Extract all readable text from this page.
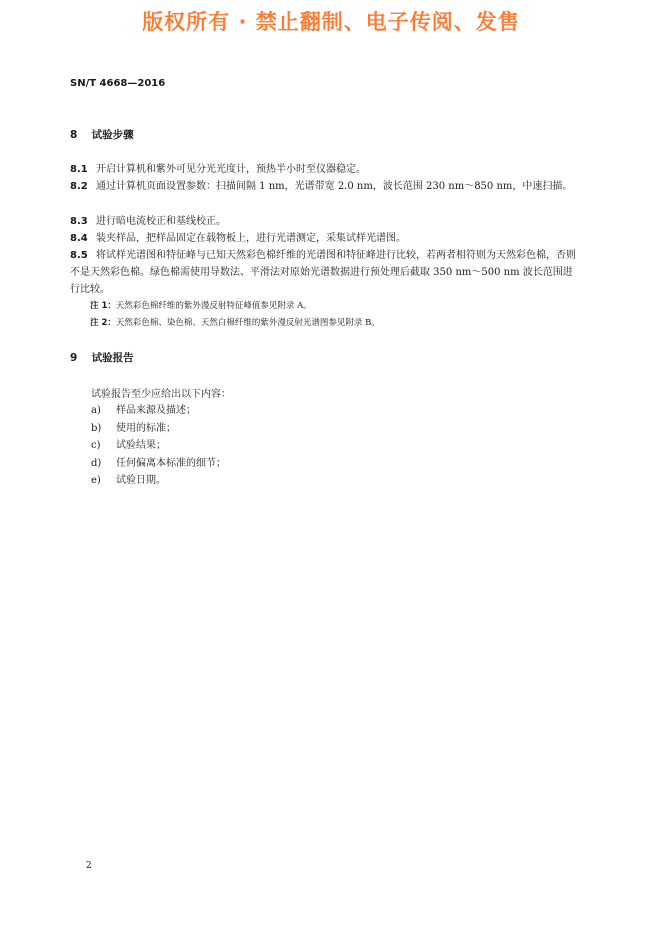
版权所有 · 禁止翻制、电子传阅、发售
SN/T 4668—2016
8 试验步骤
8.1 开启计算机和紫外可见分光光度计，预热半小时至仪器稳定。
8.2 通过计算机页面设置参数：扫描间隔 1 nm，光谱带宽 2.0 nm，波长范围 230 nm～850 nm，中速扫描。
8.3 进行暗电流校正和基线校正。
8.4 装夹样品，把样品固定在载物板上，进行光谱测定，采集试样光谱图。
8.5 将试样光谱图和特征峰与已知天然彩色棉纤维的光谱图和特征峰进行比较，若两者相符则为天然彩色棉，否则不是天然彩色棉。绿色棉需使用导数法、平滑法对原始光谱数据进行预处理后截取 350 nm～500 nm 波长范围进行比较。
注 1：天然彩色棉纤维的紫外漫反射特征峰值参见附录 A。
注 2：天然彩色棉、染色棉、天然白棉纤维的紫外漫反射光谱图参见附录 B。
9 试验报告
试验报告至少应给出以下内容：
a) 样品来源及描述；
b) 使用的标准；
c) 试验结果；
d) 任何偏离本标准的细节；
e) 试验日期。
2
